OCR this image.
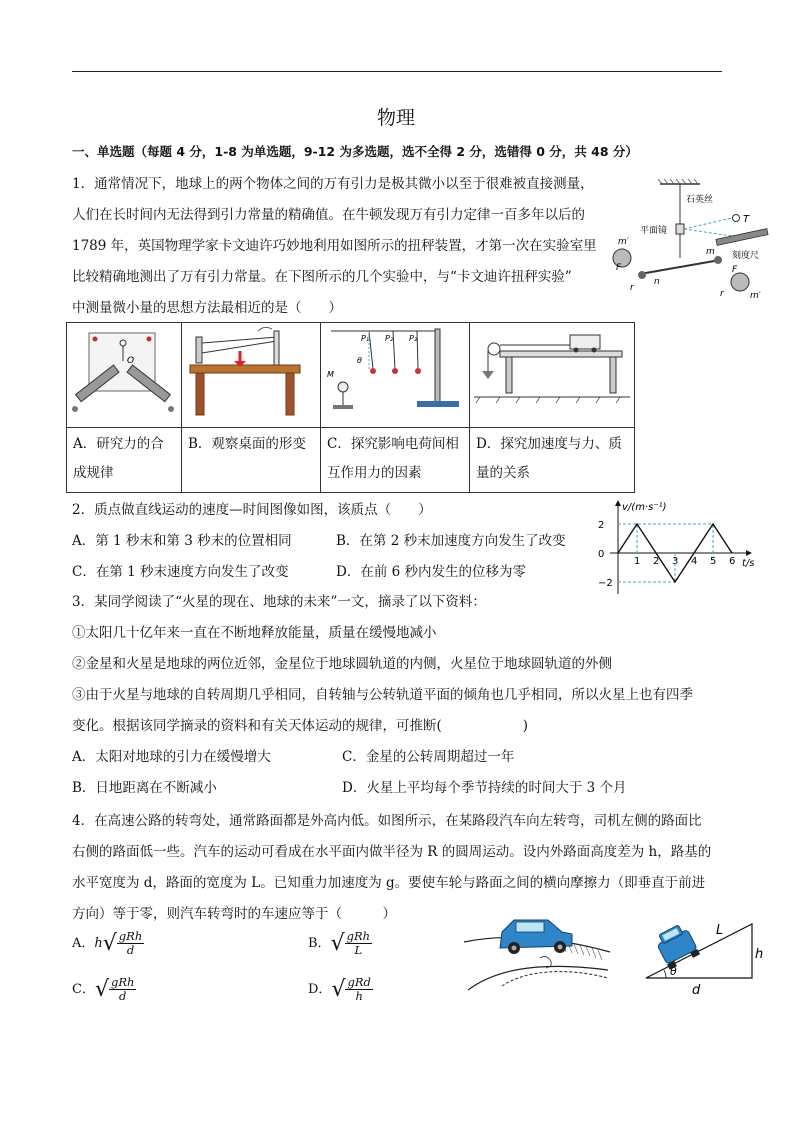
物理
一、单选题（每题 4 分，1-8 为单选题，9-12 为多选题，选不全得 2 分，选错得 0 分，共 48 分）
1．通常情况下，地球上的两个物体之间的万有引力是极其微小以至于很难被直接测量，
人们在长时间内无法得到引力常量的精确值。在牛顿发现万有引力定律一百多年以后的
1789 年，英国物理学家卡文迪许巧妙地利用如图所示的扭秤装置，才第一次在实验室里
比较精确地测出了万有引力常量。在下图所示的几个实验中，与“卡文迪许扭秤实验”
中测量微小量的思想方法最相近的是（　　）
石英丝
平面镜
T
刻度尺
m′
m
F	F
n
r
r	m′
O		P₁ P₂ P₃
θ
M

A．研究力的合成规律	B．观察桌面的形变	C．探究影响电荷间相互作用力的因素	D．探究加速度与力、质量的关系
2．质点做直线运动的速度—时间图像如图，该质点（　　）
A．第 1 秒末和第 3 秒末的位置相同	B．在第 2 秒末加速度方向发生了改变
C．在第 1 秒末速度方向发生了改变	D．在前 6 秒内发生的位移为零
v/(m·s⁻¹)
t/s
1 2 3 4 5 6
2
0
−2
3．某同学阅读了“火星的现在、地球的未来”一文，摘录了以下资料：
①太阳几十亿年来一直在不断地释放能量，质量在缓慢地减小
②金星和火星是地球的两位近邻，金星位于地球圆轨道的内侧，火星位于地球圆轨道的外侧
③由于火星与地球的自转周期几乎相同，自转轴与公转轨道平面的倾角也几乎相同，所以火星上也有四季
变化。根据该同学摘录的资料和有关天体运动的规律，可推断(　　　　　　)
A．太阳对地球的引力在缓慢增大	C．金星的公转周期超过一年
B．日地距离在不断减小	D．火星上平均每个季节持续的时间大于 3 个月
4．在高速公路的转弯处，通常路面都是外高内低。如图所示，在某路段汽车向左转弯，司机左侧的路面比
右侧的路面低一些。汽车的运动可看成在水平面内做半径为 R 的圆周运动。设内外路面高度差为 h，路基的
水平宽度为 d，路面的宽度为 L。已知重力加速度为 g。要使车轮与路面之间的横向摩擦力（即垂直于前进
方向）等于零，则汽车转弯时的车速应等于（　　　）
A．$h√ \frac{\text{gRh}}{d}$	B．√ $\frac{\text{gRh}}{L}$
C．√ $\frac{\text{gRh}}{d}$	D．√ $\frac{\text{gRd}}{h}$
θ
L
h
d
